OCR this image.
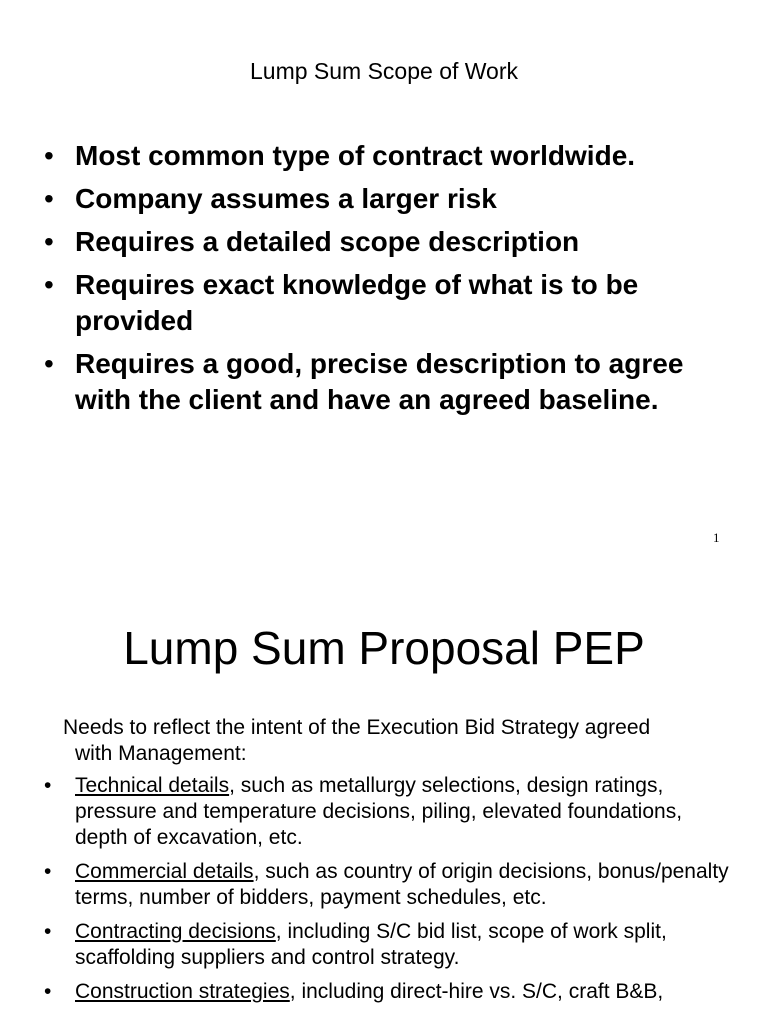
Lump Sum Scope of Work
• Most common type of contract worldwide.
• Company assumes a larger risk
• Requires a detailed scope description
• Requires exact knowledge of what is to be provided
• Requires a good, precise description to agree with the client and have an agreed baseline.
1
Lump Sum Proposal PEP

Needs to reflect the intent of the Execution Bid Strategy agreed
with Management:

• Technical details, such as metallurgy selections, design ratings, pressure and temperature decisions, piling, elevated foundations, depth of excavation, etc.
• Commercial details, such as country of origin decisions, bonus/penalty terms, number of bidders, payment schedules, etc.
• Contracting decisions, including S/C bid list, scope of work split, scaffolding suppliers and control strategy.
• Construction strategies, including direct-hire vs. S/C, craft B&B,
